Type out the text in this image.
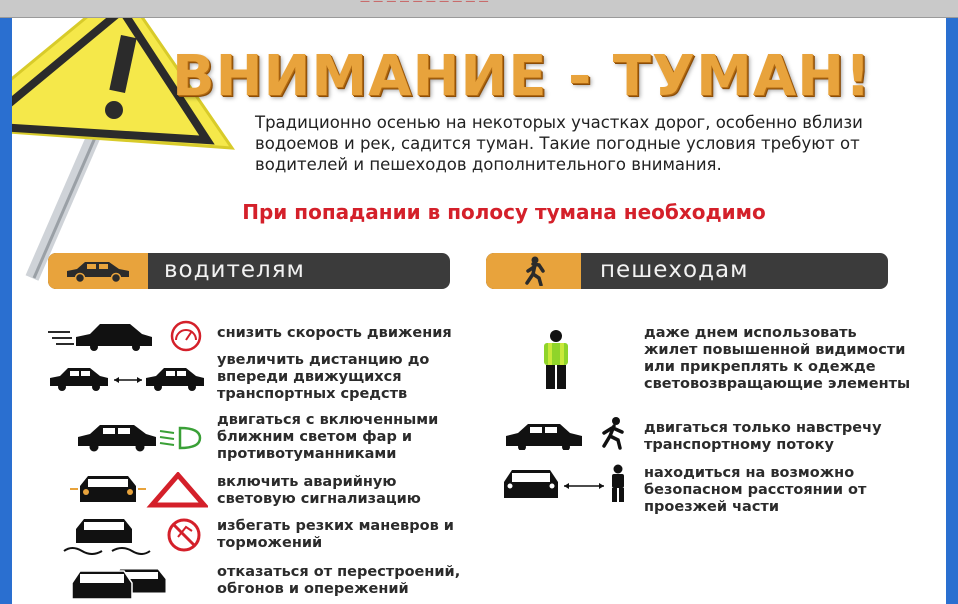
— — — — — — — — — —
ВНИМАНИЕ - ТУМАН!
Традиционно осенью на некоторых участках дорог, особенно вблизи водоемов и рек, садится туман. Такие погодные условия требуют от водителей и пешеходов дополнительного внимания.
При попадании в полосу тумана необходимо
водителям	пешеходам
снизить скорость движения
увеличить дистанцию до впереди движущихся транспортных средств
двигаться с включенными ближним светом фар и противотуманниками
включить аварийную световую сигнализацию
избегать резких маневров и торможений
отказаться от перестроений, обгонов и опережений
даже днем использовать жилет повышенной видимости или прикреплять к одежде световозвращающие элементы
двигаться только навстречу транспортному потоку
находиться на возможно безопасном расстоянии от проезжей части
